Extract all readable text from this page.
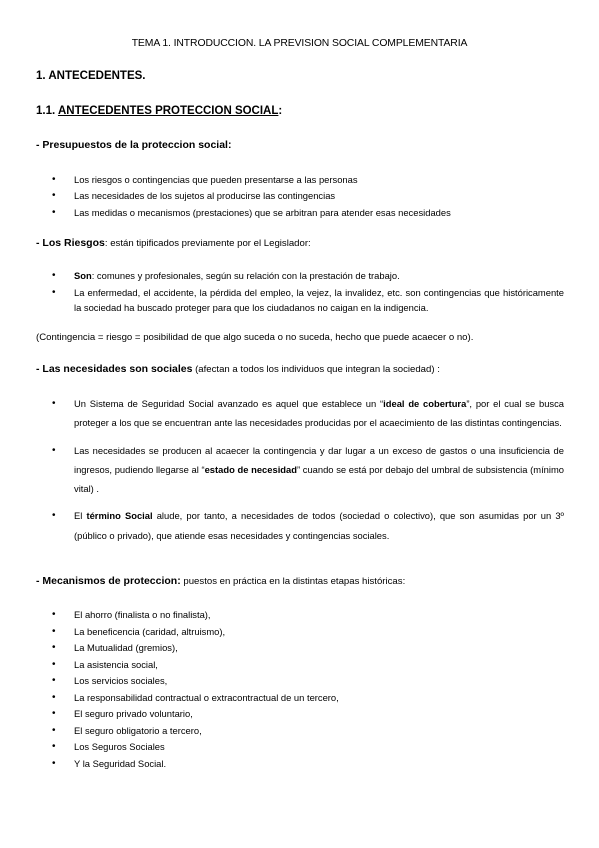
TEMA 1. INTRODUCCION. LA PREVISION SOCIAL COMPLEMENTARIA
1. ANTECEDENTES.
1.1. ANTECEDENTES PROTECCION SOCIAL:
- Presupuestos de la proteccion social:
• Los riesgos o contingencias que pueden presentarse a las personas
• Las necesidades de los sujetos al producirse las contingencias
• Las medidas o mecanismos (prestaciones) que se arbitran para atender esas necesidades
- Los Riesgos: están tipificados previamente por el Legislador:
• Son: comunes y profesionales, según su relación con la prestación de trabajo.
• La enfermedad, el accidente, la pérdida del empleo, la vejez, la invalidez, etc. son contingencias que históricamente la sociedad ha buscado proteger para que los ciudadanos no caigan en la indigencia.
(Contingencia = riesgo = posibilidad de que algo suceda o no suceda, hecho que puede acaecer o no).
- Las necesidades son sociales (afectan a todos los individuos que integran la sociedad) :
• Un Sistema de Seguridad Social avanzado es aquel que establece un “ideal de cobertura”, por el cual se busca proteger a los que se encuentran ante las necesidades producidas por el acaecimiento de las distintas contingencias.
• Las necesidades se producen al acaecer la contingencia y dar lugar a un exceso de gastos o una insuficiencia de ingresos, pudiendo llegarse al “estado de necesidad” cuando se está por debajo del umbral de subsistencia (mínimo vital) .
• El término Social alude, por tanto, a necesidades de todos (sociedad o colectivo), que son asumidas por un 3º (público o privado), que atiende esas necesidades y contingencias sociales.
- Mecanismos de proteccion: puestos en práctica en la distintas etapas históricas:
• El ahorro (finalista o no finalista),
• La beneficencia (caridad, altruismo),
• La Mutualidad (gremios),
• La asistencia social,
• Los servicios sociales,
• La responsabilidad contractual o extracontractual de un tercero,
• El seguro privado voluntario,
• El seguro obligatorio a tercero,
• Los Seguros Sociales
• Y la Seguridad Social.
